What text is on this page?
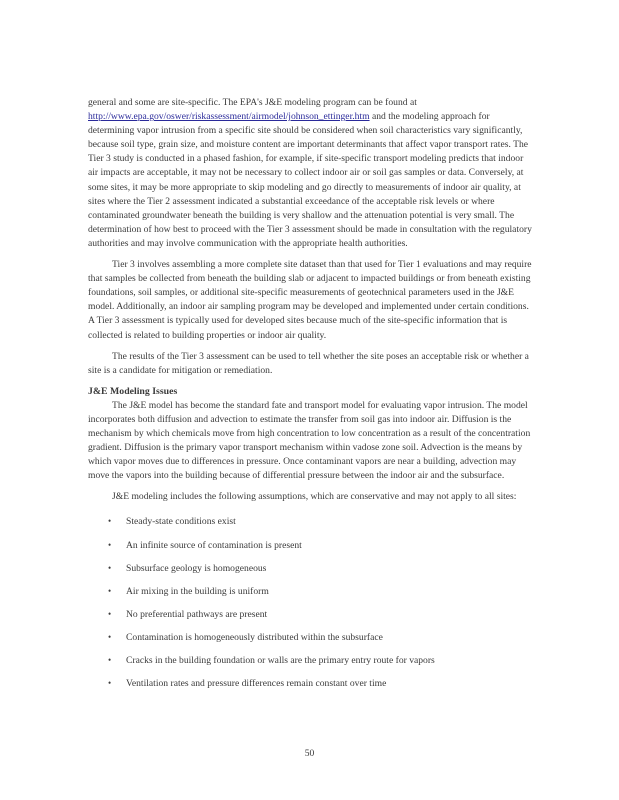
general and some are site-specific. The EPA's J&E modeling program can be found at http://www.epa.gov/oswer/riskassessment/airmodel/johnson_ettinger.htm and the modeling approach for determining vapor intrusion from a specific site should be considered when soil characteristics vary significantly, because soil type, grain size, and moisture content are important determinants that affect vapor transport rates. The Tier 3 study is conducted in a phased fashion, for example, if site-specific transport modeling predicts that indoor air impacts are acceptable, it may not be necessary to collect indoor air or soil gas samples or data. Conversely, at some sites, it may be more appropriate to skip modeling and go directly to measurements of indoor air quality, at sites where the Tier 2 assessment indicated a substantial exceedance of the acceptable risk levels or where contaminated groundwater beneath the building is very shallow and the attenuation potential is very small. The determination of how best to proceed with the Tier 3 assessment should be made in consultation with the regulatory authorities and may involve communication with the appropriate health authorities.

Tier 3 involves assembling a more complete site dataset than that used for Tier 1 evaluations and may require that samples be collected from beneath the building slab or adjacent to impacted buildings or from beneath existing foundations, soil samples, or additional site-specific measurements of geotechnical parameters used in the J&E model. Additionally, an indoor air sampling program may be developed and implemented under certain conditions. A Tier 3 assessment is typically used for developed sites because much of the site-specific information that is collected is related to building properties or indoor air quality.

The results of the Tier 3 assessment can be used to tell whether the site poses an acceptable risk or whether a site is a candidate for mitigation or remediation.

J&E Modeling Issues

The J&E model has become the standard fate and transport model for evaluating vapor intrusion. The model incorporates both diffusion and advection to estimate the transfer from soil gas into indoor air. Diffusion is the mechanism by which chemicals move from high concentration to low concentration as a result of the concentration gradient. Diffusion is the primary vapor transport mechanism within vadose zone soil. Advection is the means by which vapor moves due to differences in pressure. Once contaminant vapors are near a building, advection may move the vapors into the building because of differential pressure between the indoor air and the subsurface.

J&E modeling includes the following assumptions, which are conservative and may not apply to all sites:

• Steady-state conditions exist
• An infinite source of contamination is present
• Subsurface geology is homogeneous
• Air mixing in the building is uniform
• No preferential pathways are present
• Contamination is homogeneously distributed within the subsurface
• Cracks in the building foundation or walls are the primary entry route for vapors
• Ventilation rates and pressure differences remain constant over time
50
